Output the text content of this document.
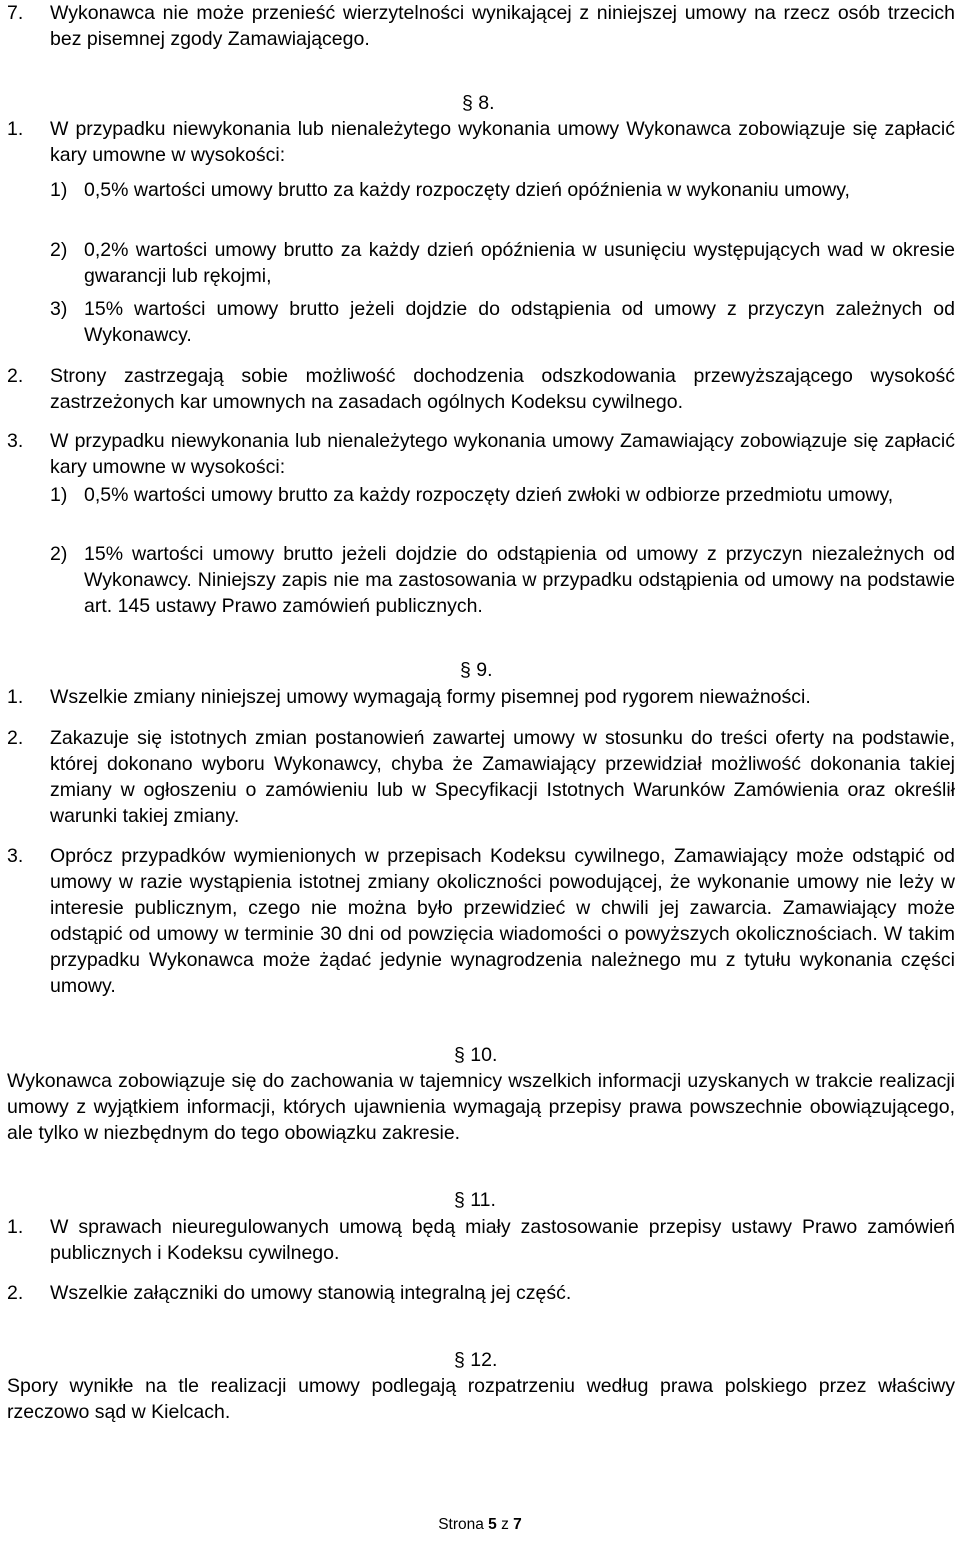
7. Wykonawca nie może przenieść wierzytelności wynikającej z niniejszej umowy na rzecz osób trzecich bez pisemnej zgody Zamawiającego.
§ 8.
1. W przypadku niewykonania lub nienależytego wykonania umowy Wykonawca zobowiązuje się zapłacić kary umowne w wysokości:
1) 0,5% wartości umowy brutto za każdy rozpoczęty dzień opóźnienia w wykonaniu umowy,
2) 0,2% wartości umowy brutto za każdy dzień opóźnienia w usunięciu występujących wad w okresie gwarancji lub rękojmi,
3) 15% wartości umowy brutto jeżeli dojdzie do odstąpienia od umowy z przyczyn zależnych od Wykonawcy.
2. Strony zastrzegają sobie możliwość dochodzenia odszkodowania przewyższającego wysokość zastrzeżonych kar umownych na zasadach ogólnych Kodeksu cywilnego.
3. W przypadku niewykonania lub nienależytego wykonania umowy Zamawiający zobowiązuje się zapłacić kary umowne w wysokości:
1) 0,5% wartości umowy brutto za każdy rozpoczęty dzień zwłoki w odbiorze przedmiotu umowy,
2) 15% wartości umowy brutto jeżeli dojdzie do odstąpienia od umowy z przyczyn niezależnych od Wykonawcy. Niniejszy zapis nie ma zastosowania w przypadku odstąpienia od umowy na podstawie art. 145 ustawy Prawo zamówień publicznych.
§ 9.
1. Wszelkie zmiany niniejszej umowy wymagają formy pisemnej pod rygorem nieważności.
2. Zakazuje się istotnych zmian postanowień zawartej umowy w stosunku do treści oferty na podstawie, której dokonano wyboru Wykonawcy, chyba że Zamawiający przewidział możliwość dokonania takiej zmiany w ogłoszeniu o zamówieniu lub w Specyfikacji Istotnych Warunków Zamówienia oraz określił warunki takiej zmiany.
3. Oprócz przypadków wymienionych w przepisach Kodeksu cywilnego, Zamawiający może odstąpić od umowy w razie wystąpienia istotnej zmiany okoliczności powodującej, że wykonanie umowy nie leży w interesie publicznym, czego nie można było przewidzieć w chwili jej zawarcia. Zamawiający może odstąpić od umowy w terminie 30 dni od powzięcia wiadomości o powyższych okolicznościach. W takim przypadku Wykonawca może żądać jedynie wynagrodzenia należnego mu z tytułu wykonania części umowy.
§ 10.
Wykonawca zobowiązuje się do zachowania w tajemnicy wszelkich informacji uzyskanych w trakcie realizacji umowy z wyjątkiem informacji, których ujawnienia wymagają przepisy prawa powszechnie obowiązującego, ale tylko w niezbędnym do tego obowiązku zakresie.
§ 11.
1. W sprawach nieuregulowanych umową będą miały zastosowanie przepisy ustawy Prawo zamówień publicznych i Kodeksu cywilnego.
2. Wszelkie załączniki do umowy stanowią integralną jej część.
§ 12.
Spory wynikłe na tle realizacji umowy podlegają rozpatrzeniu według prawa polskiego przez właściwy rzeczowo sąd w Kielcach.
Strona 5 z 7
